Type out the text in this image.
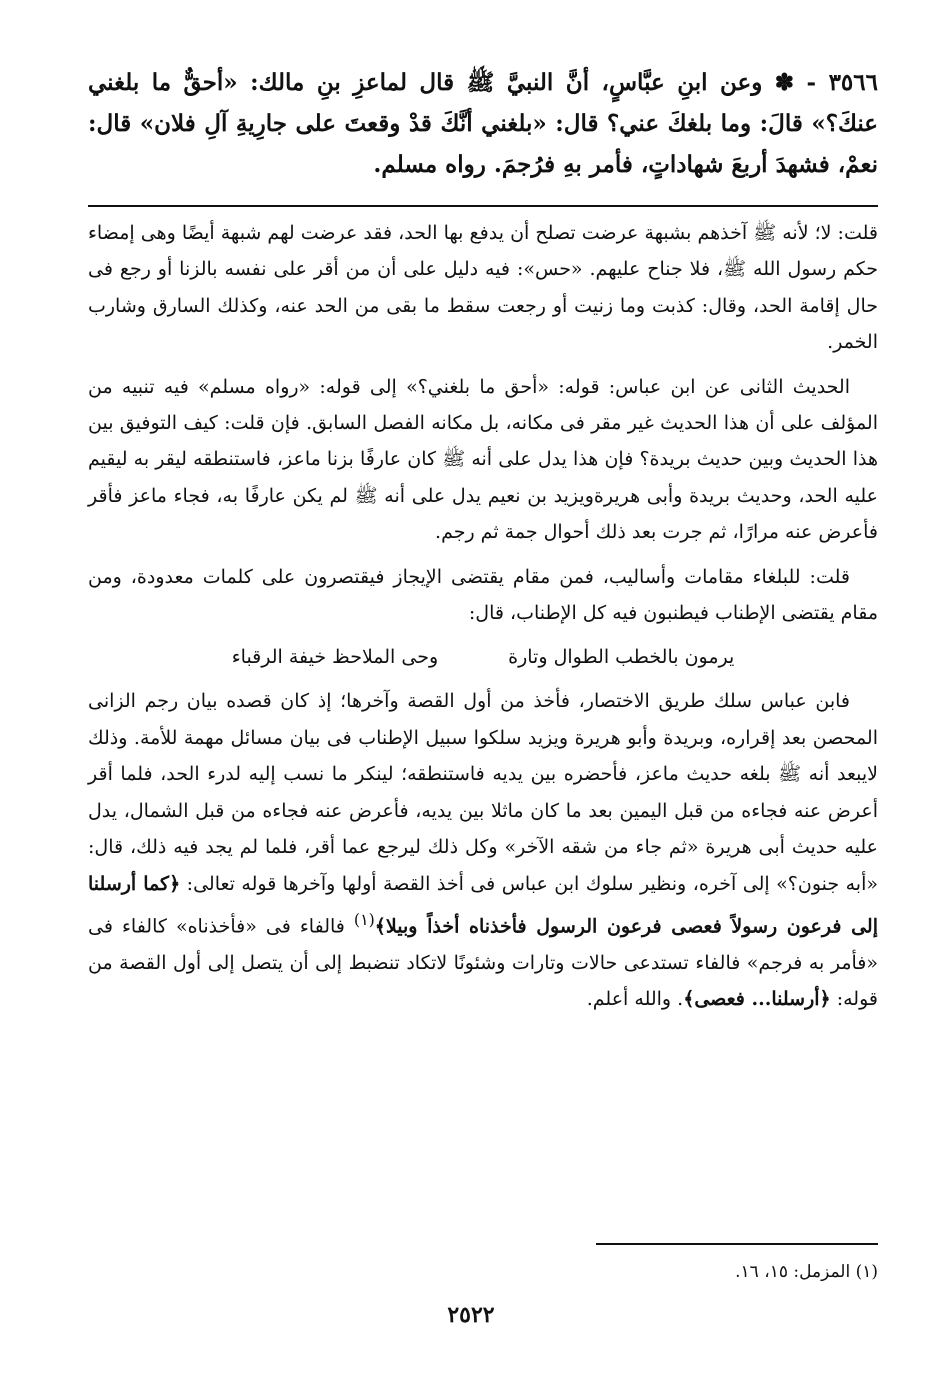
٣٥٦٦ - ✽ وعن ابنِ عبَّاسٍ، أنَّ النبيَّ ﷺ قال لماعزِ بنِ مالك: «أحقٌّ ما بلغني عنكَ؟» قالَ: وما بلغكَ عني؟ قال: «بلغني أنَّكَ قدْ وقعتَ على جارِيةِ آلِ فلان» قال: نعمْ، فشهدَ أربعَ شهاداتٍ، فأمر بهِ فرُجمَ. رواه مسلم.

قلت: لا؛ لأنه ﷺ آخذهم بشبهة عرضت تصلح أن يدفع بها الحد، فقد عرضت لهم شبهة أيضًا وهى إمضاء حكم رسول الله ﷺ، فلا جناح عليهم. «حس»: فيه دليل على أن من أقر على نفسه بالزنا أو رجع فى حال إقامة الحد، وقال: كذبت وما زنيت أو رجعت سقط ما بقى من الحد عنه، وكذلك السارق وشارب الخمر.

الحديث الثانى عن ابن عباس: قوله: «أحق ما بلغني؟» إلى قوله: «رواه مسلم» فيه تنبيه من المؤلف على أن هذا الحديث غير مقر فى مكانه، بل مكانه الفصل السابق. فإن قلت: كيف التوفيق بين هذا الحديث وبين حديث بريدة؟ فإن هذا يدل على أنه ﷺ كان عارفًا بزنا ماعز، فاستنطقه ليقر به ليقيم عليه الحد، وحديث بريدة وأبى هريرةويزيد بن نعيم يدل على أنه ﷺ لم يكن عارفًا به، فجاء ماعز فأقر فأعرض عنه مرارًا، ثم جرت بعد ذلك أحوال جمة ثم رجم.

قلت: للبلغاء مقامات وأساليب، فمن مقام يقتضى الإيجاز فيقتصرون على كلمات معدودة، ومن مقام يقتضى الإطناب فيطنبون فيه كل الإطناب، قال:

يرمون بالخطب الطوال وتارة
وحى الملاحظ خيفة الرقباء

فابن عباس سلك طريق الاختصار، فأخذ من أول القصة وآخرها؛ إذ كان قصده بيان رجم الزانى المحصن بعد إقراره، وبريدة وأبو هريرة ويزيد سلكوا سبيل الإطناب فى بيان مسائل مهمة للأمة. وذلك لايبعد أنه ﷺ بلغه حديث ماعز، فأحضره بين يديه فاستنطقه؛ لينكر ما نسب إليه لدرء الحد، فلما أقر أعرض عنه فجاءه من قبل اليمين بعد ما كان ماثلا بين يديه، فأعرض عنه فجاءه من قبل الشمال، يدل عليه حديث أبى هريرة «ثم جاء من شقه الآخر» وكل ذلك ليرجع عما أقر، فلما لم يجد فيه ذلك، قال: «أبه جنون؟» إلى آخره، ونظير سلوك ابن عباس فى أخذ القصة أولها وآخرها قوله تعالى: ﴿كما أرسلنا إلى فرعون رسولاً فعصى فرعون الرسول فأخذناه أخذاً وبيلا﴾$^{(١)}$ فالفاء فى «فأخذناه» كالفاء فى «فأمر به فرجم» فالفاء تستدعى حالات وتارات وشئونًا لاتكاد تنضبط إلى أن يتصل إلى أول القصة من قوله: ﴿أرسلنا... فعصى﴾. والله أعلم.

(١) المزمل: ١٥، ١٦.
٢٥٢٢
